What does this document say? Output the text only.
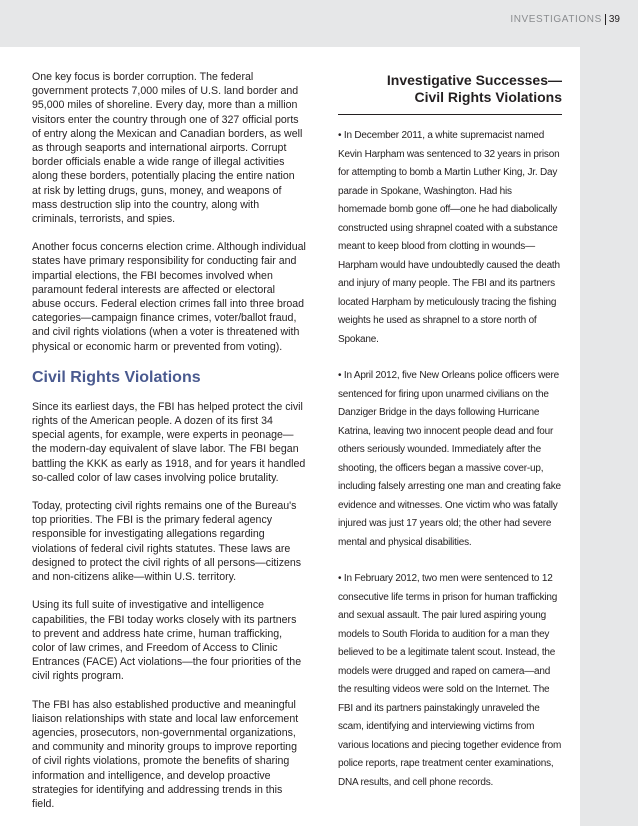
INVESTIGATIONS 39

One key focus is border corruption. The federal government protects 7,000 miles of U.S. land border and 95,000 miles of shoreline. Every day, more than a million visitors enter the country through one of 327 official ports of entry along the Mexican and Canadian borders, as well as through seaports and international airports. Corrupt border officials enable a wide range of illegal activities along these borders, potentially placing the entire nation at risk by letting drugs, guns, money, and weapons of mass destruction slip into the country, along with criminals, terrorists, and spies.

Another focus concerns election crime. Although individual states have primary responsibility for conducting fair and impartial elections, the FBI becomes involved when paramount federal interests are affected or electoral abuse occurs. Federal election crimes fall into three broad categories—campaign finance crimes, voter/ballot fraud, and civil rights violations (when a voter is threatened with physical or economic harm or prevented from voting).

Civil Rights Violations

Since its earliest days, the FBI has helped protect the civil rights of the American people. A dozen of its first 34 special agents, for example, were experts in peonage—the modern-day equivalent of slave labor. The FBI began battling the KKK as early as 1918, and for years it handled so-called color of law cases involving police brutality.

Today, protecting civil rights remains one of the Bureau's top priorities. The FBI is the primary federal agency responsible for investigating allegations regarding violations of federal civil rights statutes. These laws are designed to protect the civil rights of all persons—citizens and non-citizens alike—within U.S. territory.

Using its full suite of investigative and intelligence capabilities, the FBI today works closely with its partners to prevent and address hate crime, human trafficking, color of law crimes, and Freedom of Access to Clinic Entrances (FACE) Act violations—the four priorities of the civil rights program.

The FBI has also established productive and meaningful liaison relationships with state and local law enforcement agencies, prosecutors, non-governmental organizations, and community and minority groups to improve reporting of civil rights violations, promote the benefits of sharing information and intelligence, and develop proactive strategies for identifying and addressing trends in this field.

Investigative Successes—
Civil Rights Violations

• In December 2011, a white supremacist named Kevin Harpham was sentenced to 32 years in prison for attempting to bomb a Martin Luther King, Jr. Day parade in Spokane, Washington. Had his homemade bomb gone off—one he had diabolically constructed using shrapnel coated with a substance meant to keep blood from clotting in wounds—Harpham would have undoubtedly caused the death and injury of many people. The FBI and its partners located Harpham by meticulously tracing the fishing weights he used as shrapnel to a store north of Spokane.

• In April 2012, five New Orleans police officers were sentenced for firing upon unarmed civilians on the Danziger Bridge in the days following Hurricane Katrina, leaving two innocent people dead and four others seriously wounded. Immediately after the shooting, the officers began a massive cover-up, including falsely arresting one man and creating fake evidence and witnesses. One victim who was fatally injured was just 17 years old; the other had severe mental and physical disabilities.

• In February 2012, two men were sentenced to 12 consecutive life terms in prison for human trafficking and sexual assault. The pair lured aspiring young models to South Florida to audition for a man they believed to be a legitimate talent scout. Instead, the models were drugged and raped on camera—and the resulting videos were sold on the Internet. The FBI and its partners painstakingly unraveled the scam, identifying and interviewing victims from various locations and piecing together evidence from police reports, rape treatment center examinations, DNA results, and cell phone records.
